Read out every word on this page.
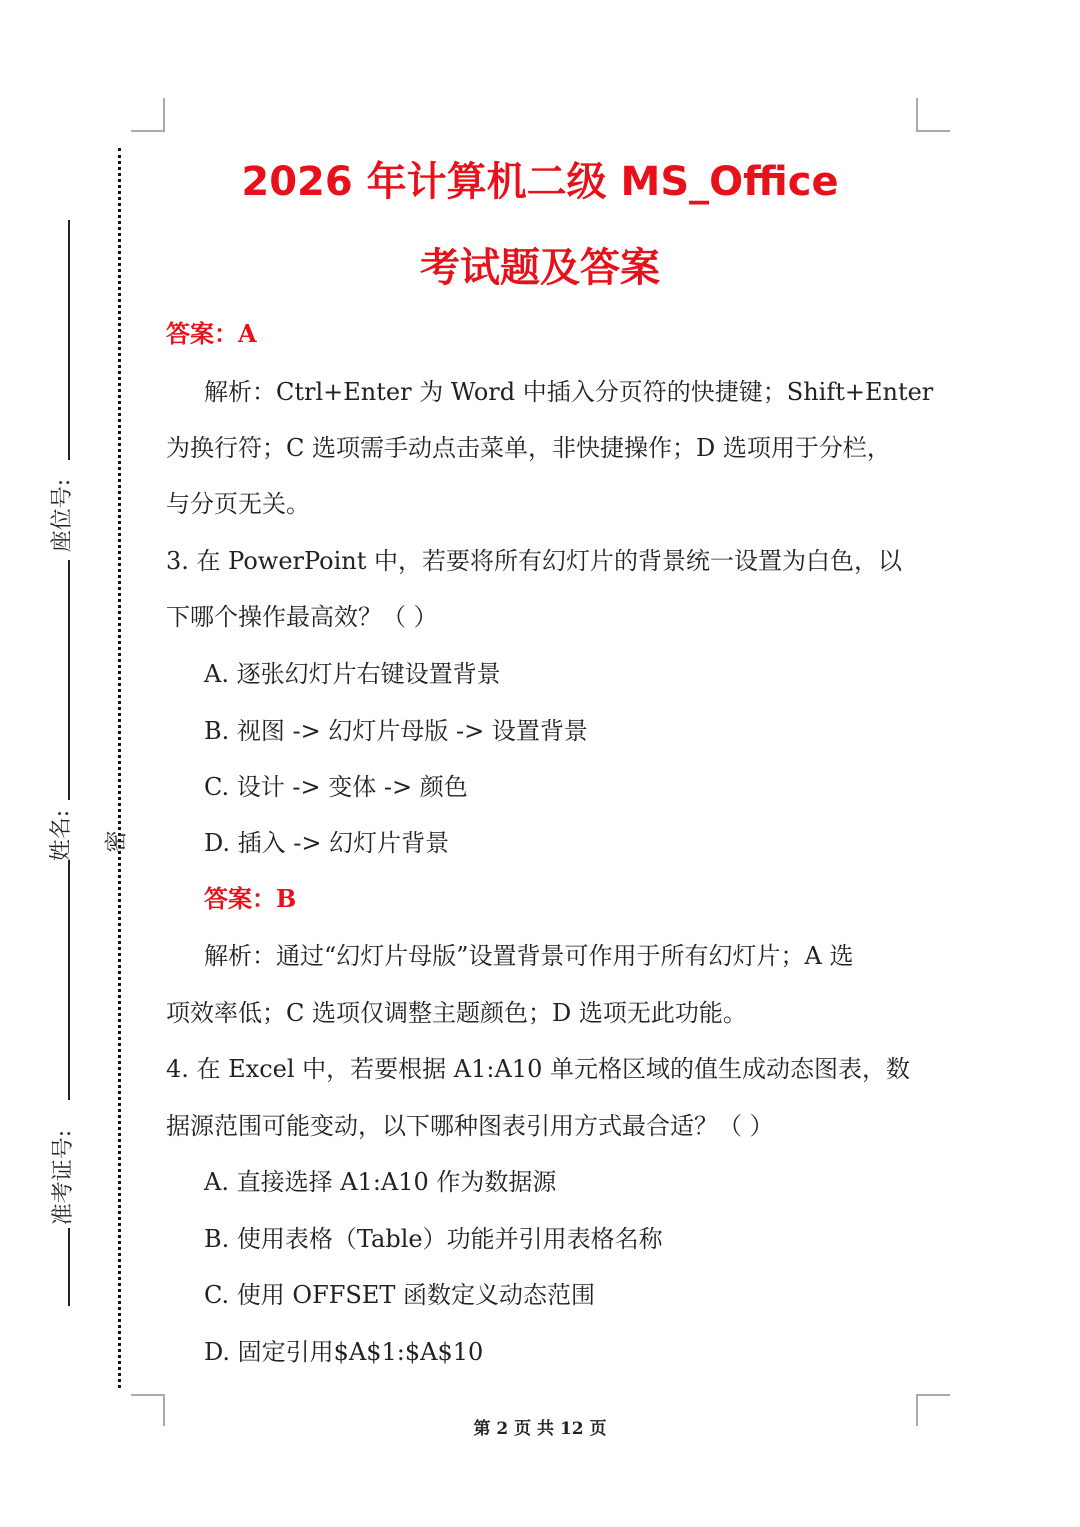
密
座位号:
姓名:
准考证号:
2026 年计算机二级 MS_Office
考试题及答案
答案：A
解析：Ctrl+Enter 为 Word 中插入分页符的快捷键；Shift+Enter
为换行符；C 选项需手动点击菜单，非快捷操作；D 选项用于分栏，
与分页无关。
3. 在 PowerPoint 中，若要将所有幻灯片的背景统一设置为白色，以
下哪个操作最高效？（ ）
A. 逐张幻灯片右键设置背景
B. 视图 -> 幻灯片母版 -> 设置背景
C. 设计 -> 变体 -> 颜色
D. 插入 -> 幻灯片背景
答案：B
解析：通过“幻灯片母版”设置背景可作用于所有幻灯片；A 选
项效率低；C 选项仅调整主题颜色；D 选项无此功能。
4. 在 Excel 中，若要根据 A1:A10 单元格区域的值生成动态图表，数
据源范围可能变动，以下哪种图表引用方式最合适？（ ）
A. 直接选择 A1:A10 作为数据源
B. 使用表格（Table）功能并引用表格名称
C. 使用 OFFSET 函数定义动态范围
D. 固定引用$A$1:$A$10
第 2 页 共 12 页
